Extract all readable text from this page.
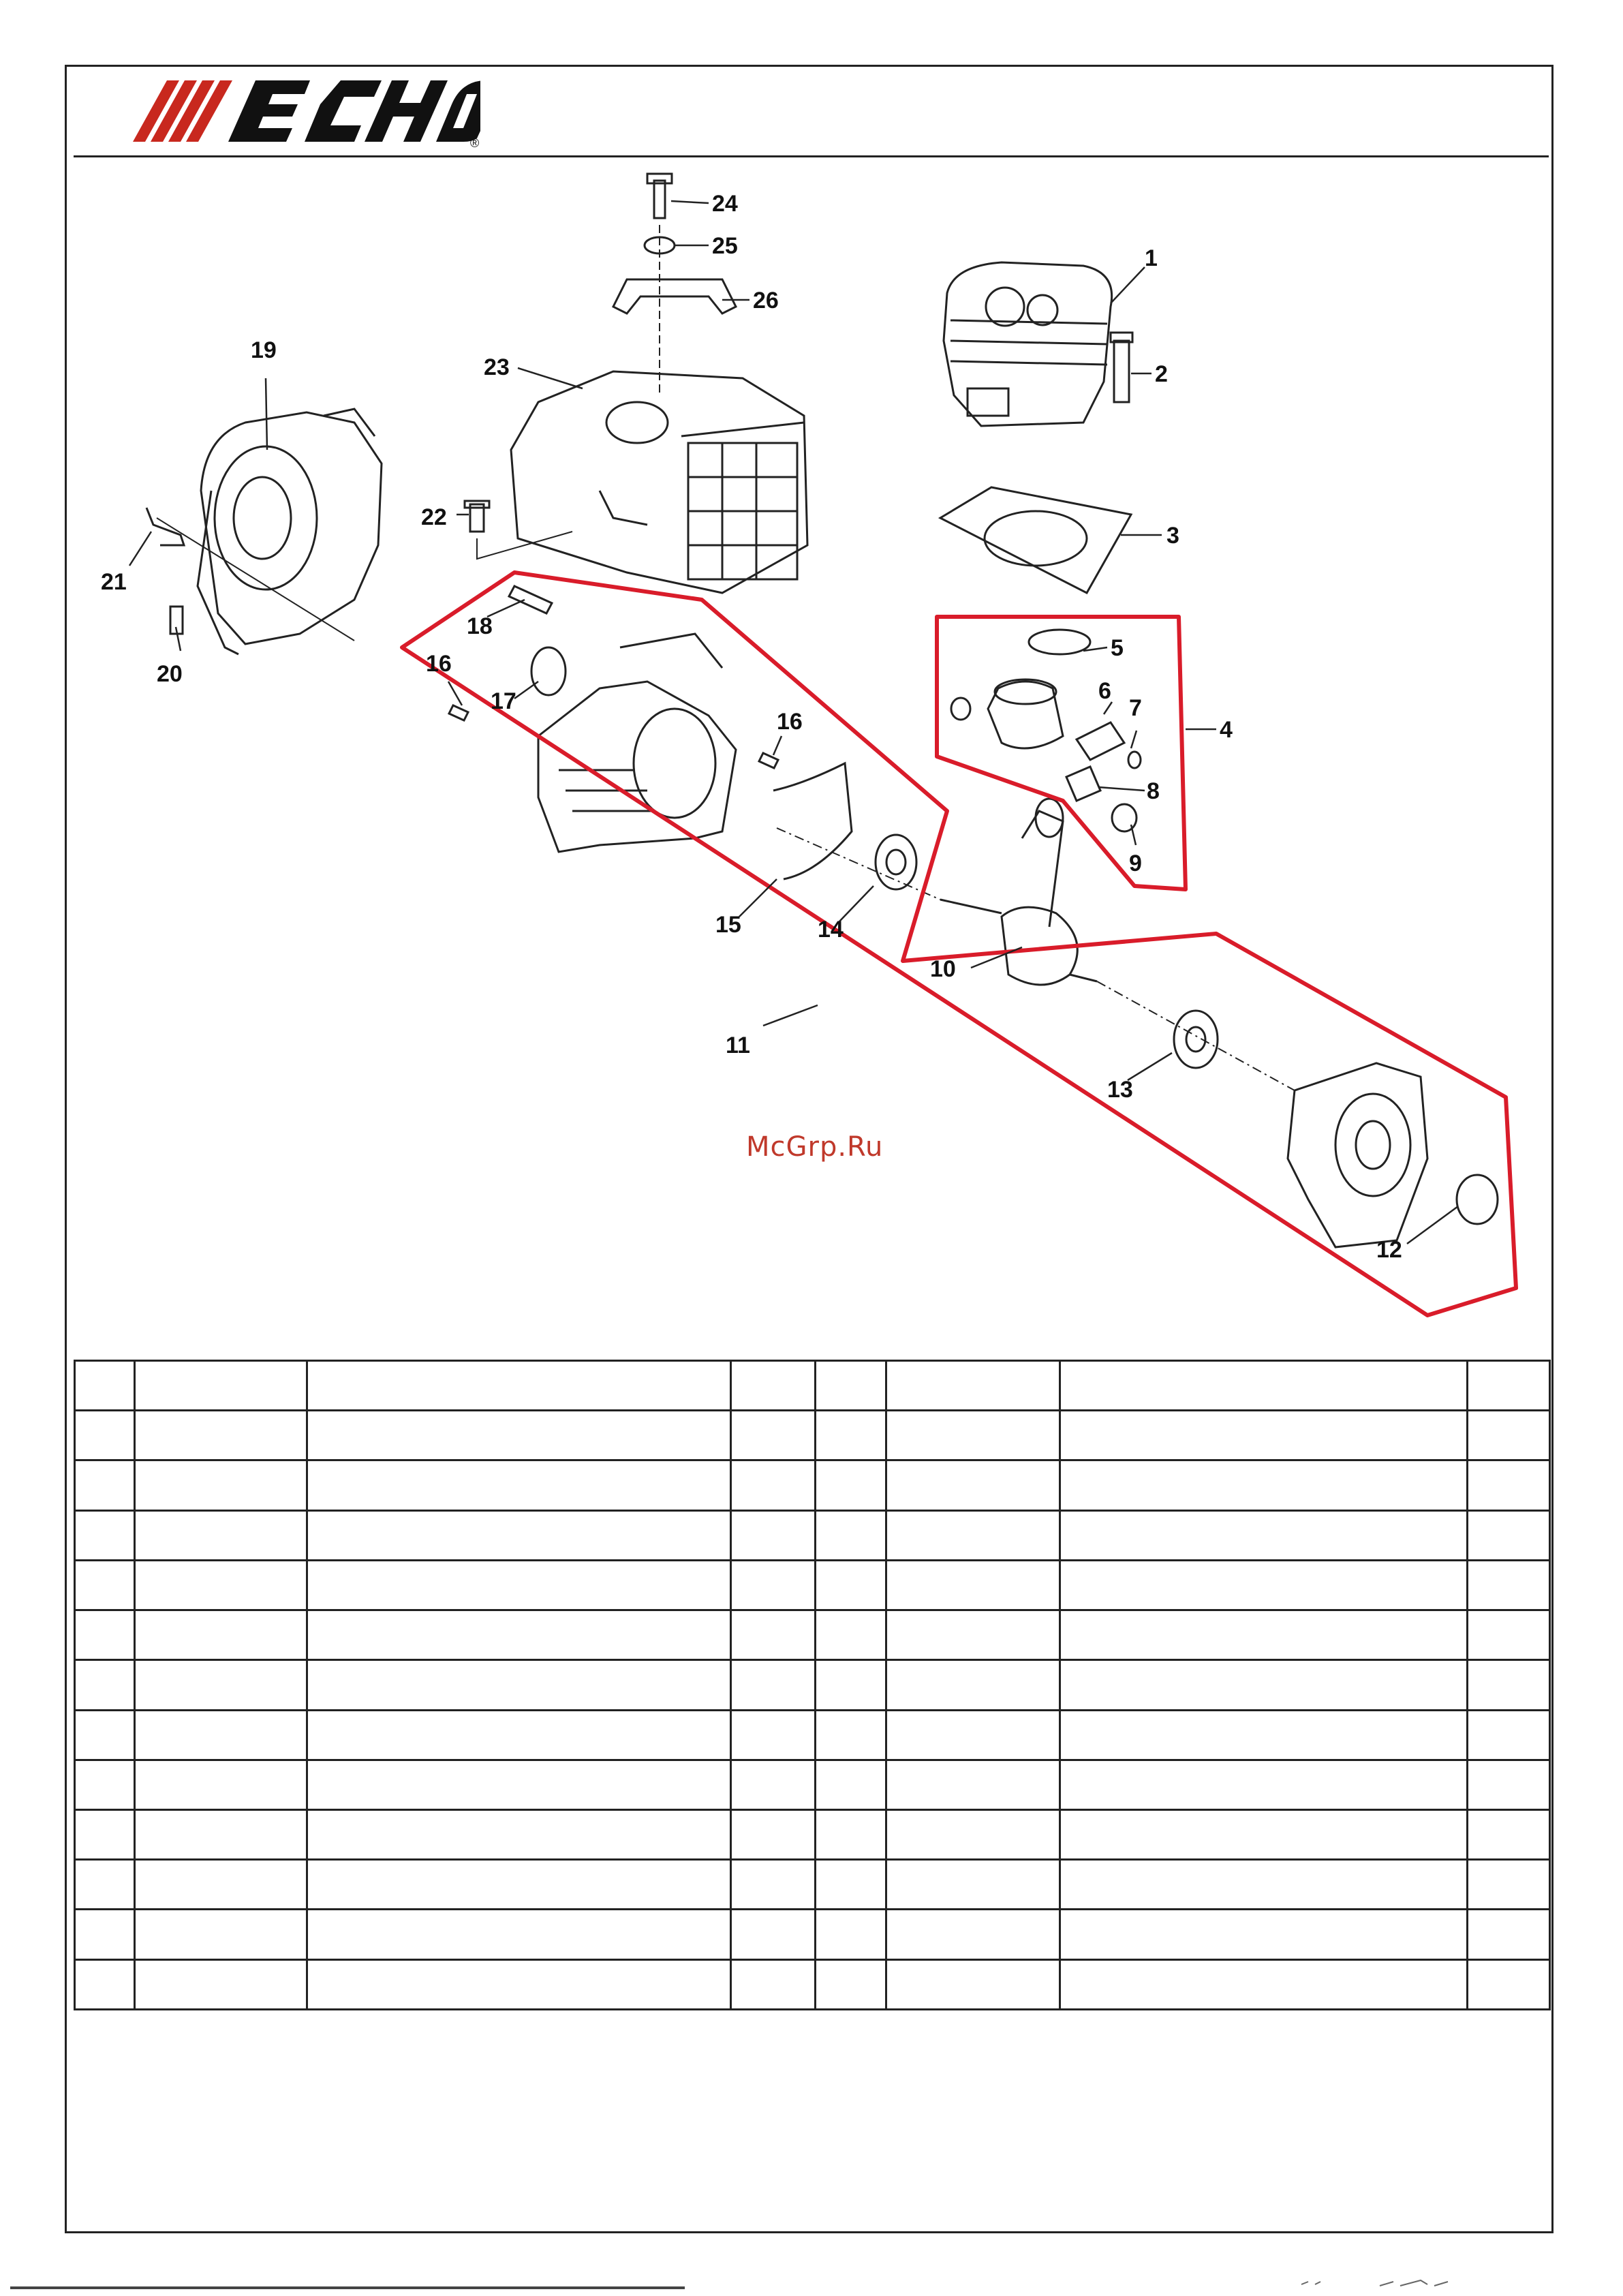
®
1
2
3
4
5
6
7
8
9
10
11
12
13
14
15
16
16
17
18
19
20
21
22
23
24
25
26
McGrp.Ru
